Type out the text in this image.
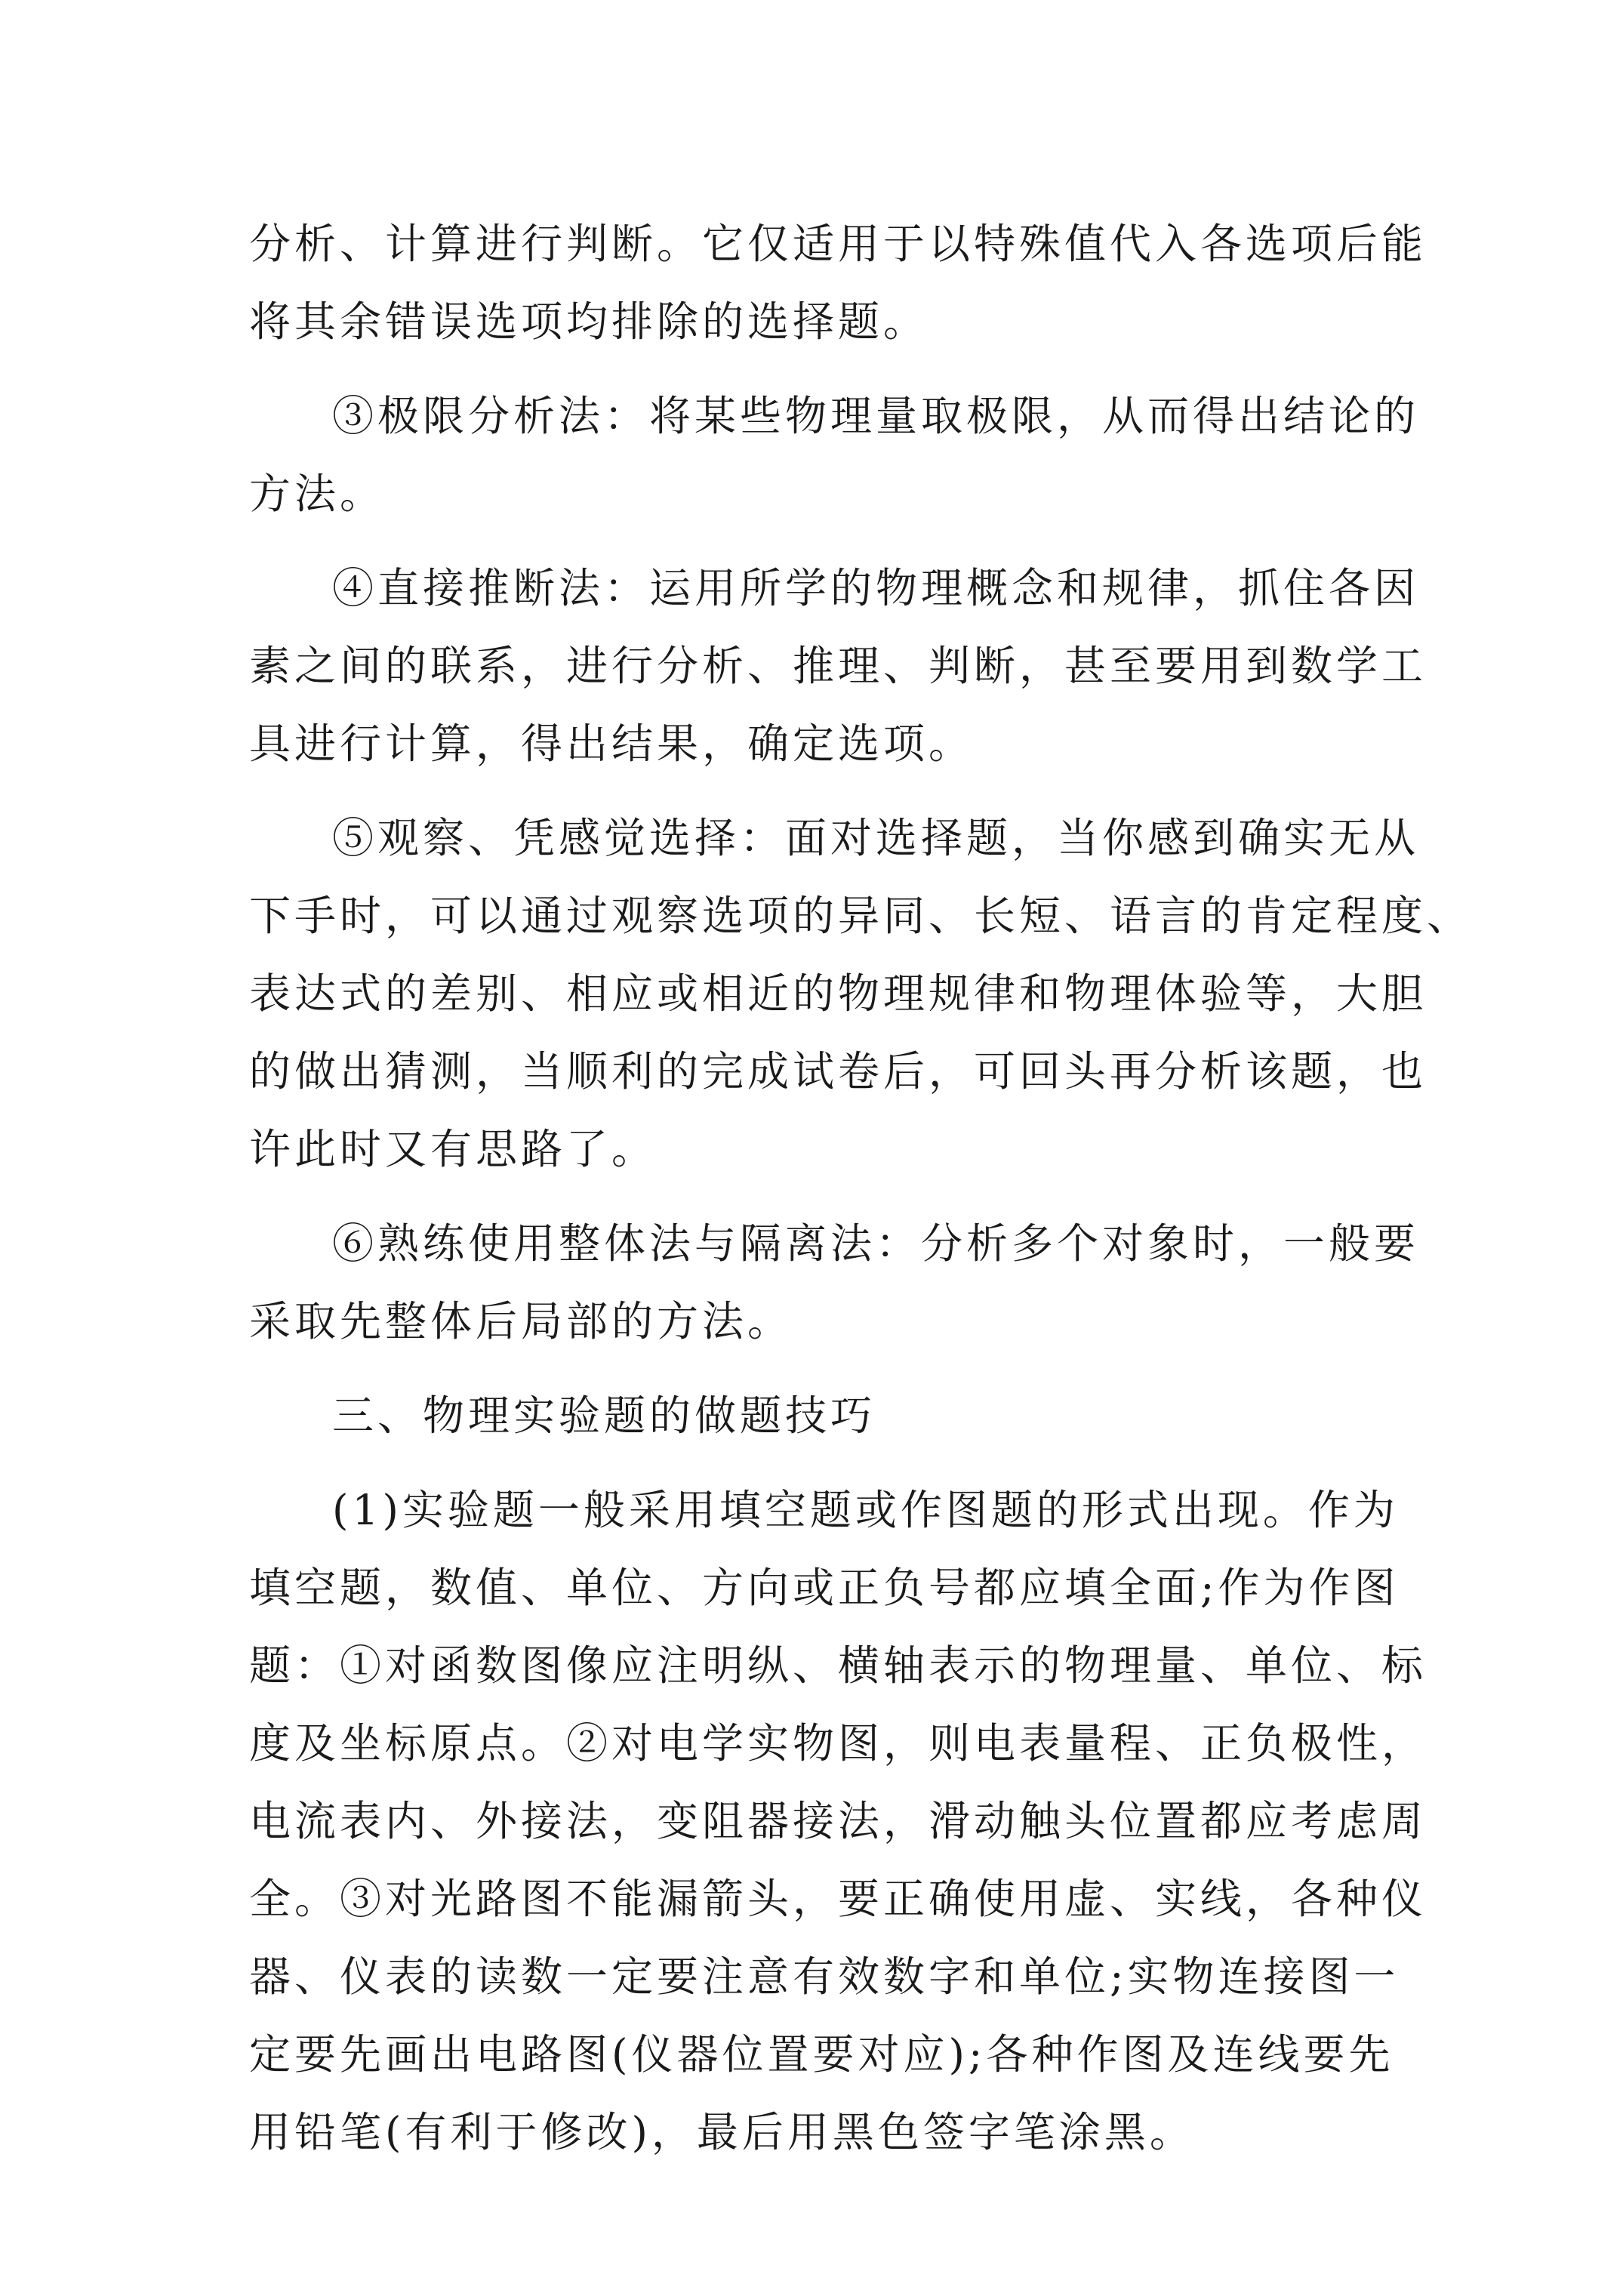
分析、计算进行判断。它仅适用于以特殊值代入各选项后能
将其余错误选项均排除的选择题。
③极限分析法：将某些物理量取极限，从而得出结论的
方法。
④直接推断法：运用所学的物理概念和规律，抓住各因
素之间的联系，进行分析、推理、判断，甚至要用到数学工
具进行计算，得出结果，确定选项。
⑤观察、凭感觉选择：面对选择题，当你感到确实无从
下手时，可以通过观察选项的异同、长短、语言的肯定程度、
表达式的差别、相应或相近的物理规律和物理体验等，大胆
的做出猜测，当顺利的完成试卷后，可回头再分析该题，也
许此时又有思路了。
⑥熟练使用整体法与隔离法：分析多个对象时，一般要
采取先整体后局部的方法。
三、物理实验题的做题技巧
(1)实验题一般采用填空题或作图题的形式出现。作为
填空题，数值、单位、方向或正负号都应填全面;作为作图
题：①对函数图像应注明纵、横轴表示的物理量、单位、标
度及坐标原点。②对电学实物图，则电表量程、正负极性，
电流表内、外接法，变阻器接法，滑动触头位置都应考虑周
全。③对光路图不能漏箭头，要正确使用虚、实线，各种仪
器、仪表的读数一定要注意有效数字和单位;实物连接图一
定要先画出电路图(仪器位置要对应);各种作图及连线要先
用铅笔(有利于修改)，最后用黑色签字笔涂黑。
